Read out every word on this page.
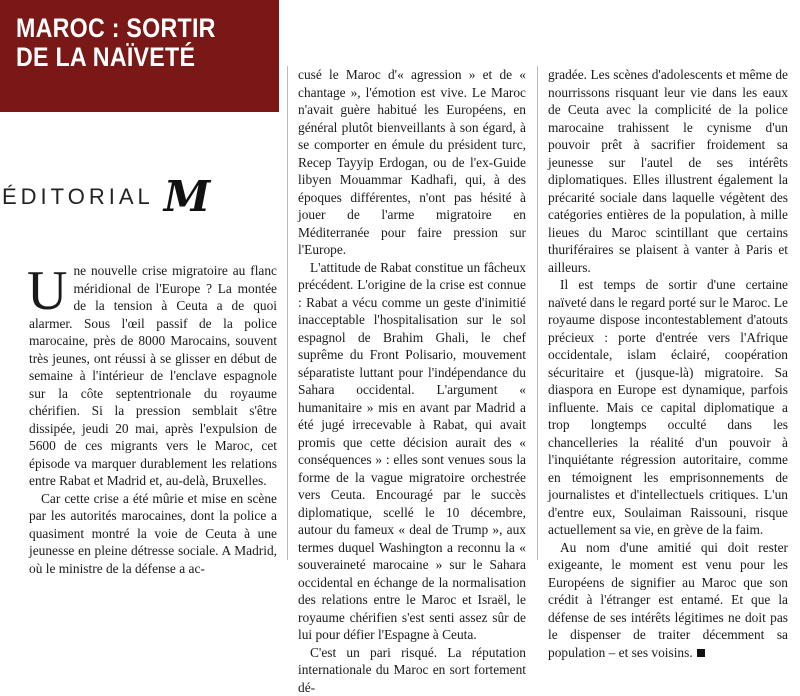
MAROC : SORTIR
DE LA NAÏVETÉ
ÉDITORIAL M

Une nouvelle crise migratoire au flanc méridional de l'Europe ? La montée de la tension à Ceuta a de quoi alarmer. Sous l'œil passif de la police marocaine, près de 8000 Marocains, souvent très jeunes, ont réussi à se glisser en début de semaine à l'intérieur de l'enclave espagnole sur la côte septentrionale du royaume chérifien. Si la pression semblait s'être dissipée, jeudi 20 mai, après l'expulsion de 5600 de ces migrants vers le Maroc, cet épisode va marquer durablement les relations entre Rabat et Madrid et, au-delà, Bruxelles.

Car cette crise a été mûrie et mise en scène par les autorités marocaines, dont la police a quasiment montré la voie de Ceuta à une jeunesse en pleine détresse sociale. A Madrid, où le ministre de la défense a ac-

cusé le Maroc d'« agression » et de « chantage », l'émotion est vive. Le Maroc n'avait guère habitué les Européens, en général plutôt bienveillants à son égard, à se comporter en émule du président turc, Recep Tayyip Erdogan, ou de l'ex-Guide libyen Mouammar Kadhafi, qui, à des époques différentes, n'ont pas hésité à jouer de l'arme migratoire en Méditerranée pour faire pression sur l'Europe.

L'attitude de Rabat constitue un fâcheux précédent. L'origine de la crise est connue : Rabat a vécu comme un geste d'inimitié inacceptable l'hospitalisation sur le sol espagnol de Brahim Ghali, le chef suprême du Front Polisario, mouvement séparatiste luttant pour l'indépendance du Sahara occidental. L'argument « humanitaire » mis en avant par Madrid a été jugé irrecevable à Rabat, qui avait promis que cette décision aurait des « conséquences » : elles sont venues sous la forme de la vague migratoire orchestrée vers Ceuta. Encouragé par le succès diplomatique, scellé le 10 décembre, autour du fameux « deal de Trump », aux termes duquel Washington a reconnu la « souveraineté marocaine » sur le Sahara occidental en échange de la normalisation des relations entre le Maroc et Israël, le royaume chérifien s'est senti assez sûr de lui pour défier l'Espagne à Ceuta.

C'est un pari risqué. La réputation internationale du Maroc en sort fortement dé-

gradée. Les scènes d'adolescents et même de nourrissons risquant leur vie dans les eaux de Ceuta avec la complicité de la police marocaine trahissent le cynisme d'un pouvoir prêt à sacrifier froidement sa jeunesse sur l'autel de ses intérêts diplomatiques. Elles illustrent également la précarité sociale dans laquelle végètent des catégories entières de la population, à mille lieues du Maroc scintillant que certains thuriféraires se plaisent à vanter à Paris et ailleurs.

Il est temps de sortir d'une certaine naïveté dans le regard porté sur le Maroc. Le royaume dispose incontestablement d'atouts précieux : porte d'entrée vers l'Afrique occidentale, islam éclairé, coopération sécuritaire et (jusque-là) migratoire. Sa diaspora en Europe est dynamique, parfois influente. Mais ce capital diplomatique a trop longtemps occulté dans les chancelleries la réalité d'un pouvoir à l'inquiétante régression autoritaire, comme en témoignent les emprisonnements de journalistes et d'intellectuels critiques. L'un d'entre eux, Soulaiman Raissouni, risque actuellement sa vie, en grève de la faim.

Au nom d'une amitié qui doit rester exigeante, le moment est venu pour les Européens de signifier au Maroc que son crédit à l'étranger est entamé. Et que la défense de ses intérêts légitimes ne doit pas le dispenser de traiter décemment sa population – et ses voisins.
